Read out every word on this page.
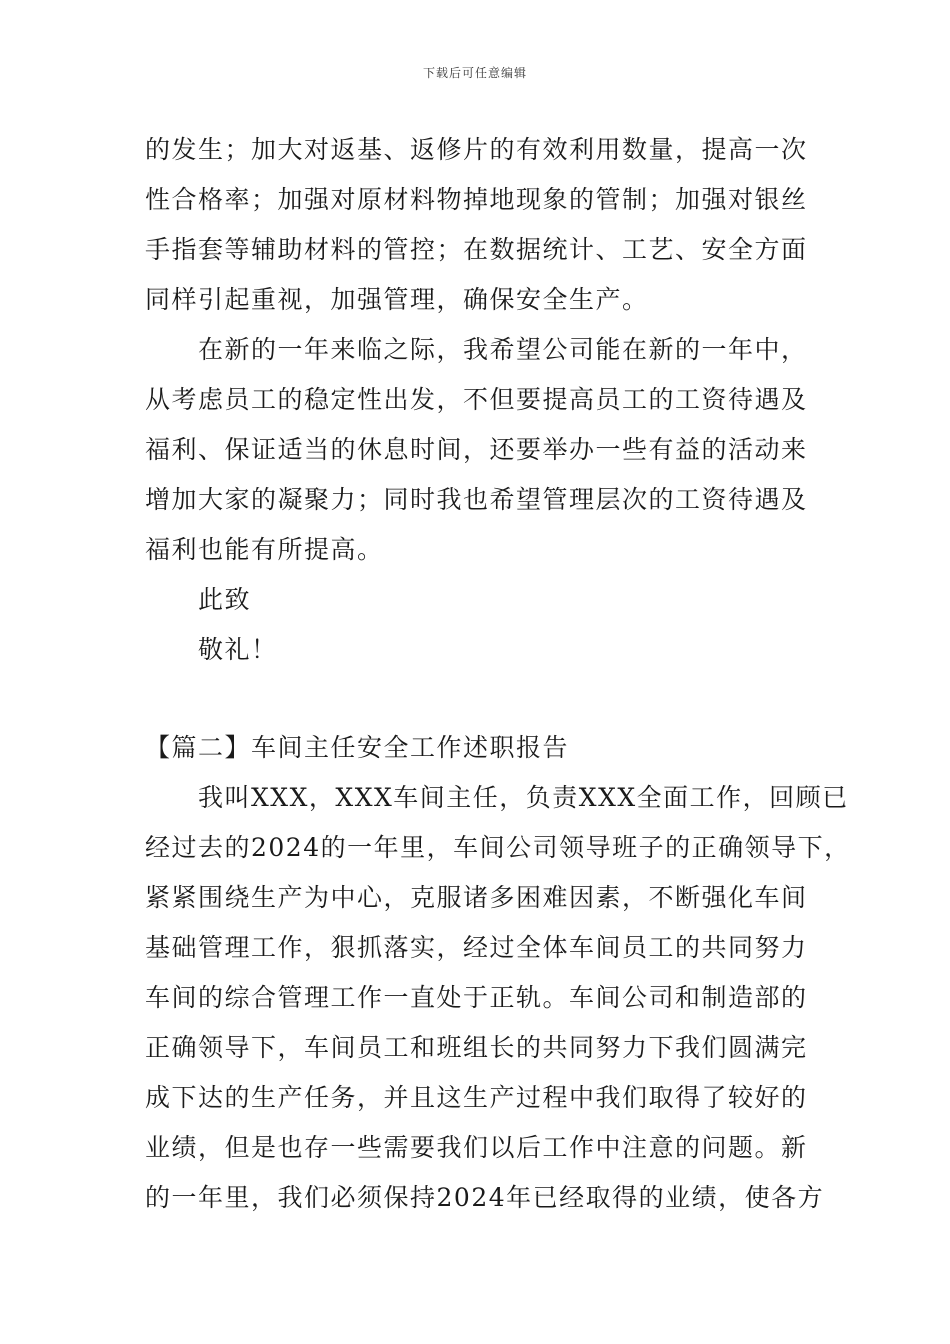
下载后可任意编辑
的发生；加大对返基、返修片的有效利用数量，提高一次
性合格率；加强对原材料物掉地现象的管制；加强对银丝
手指套等辅助材料的管控；在数据统计、工艺、安全方面
同样引起重视，加强管理，确保安全生产。
在新的一年来临之际，我希望公司能在新的一年中，
从考虑员工的稳定性出发，不但要提高员工的工资待遇及
福利、保证适当的休息时间，还要举办一些有益的活动来
增加大家的凝聚力；同时我也希望管理层次的工资待遇及
福利也能有所提高。
此致
敬礼！
【篇二】车间主任安全工作述职报告
我叫XXX，XXX车间主任，负责XXX全面工作，回顾已
经过去的2024的一年里，车间公司领导班子的正确领导下，
紧紧围绕生产为中心，克服诸多困难因素，不断强化车间
基础管理工作，狠抓落实，经过全体车间员工的共同努力
车间的综合管理工作一直处于正轨。车间公司和制造部的
正确领导下，车间员工和班组长的共同努力下我们圆满完
成下达的生产任务，并且这生产过程中我们取得了较好的
业绩，但是也存一些需要我们以后工作中注意的问题。新
的一年里，我们必须保持2024年已经取得的业绩，使各方
